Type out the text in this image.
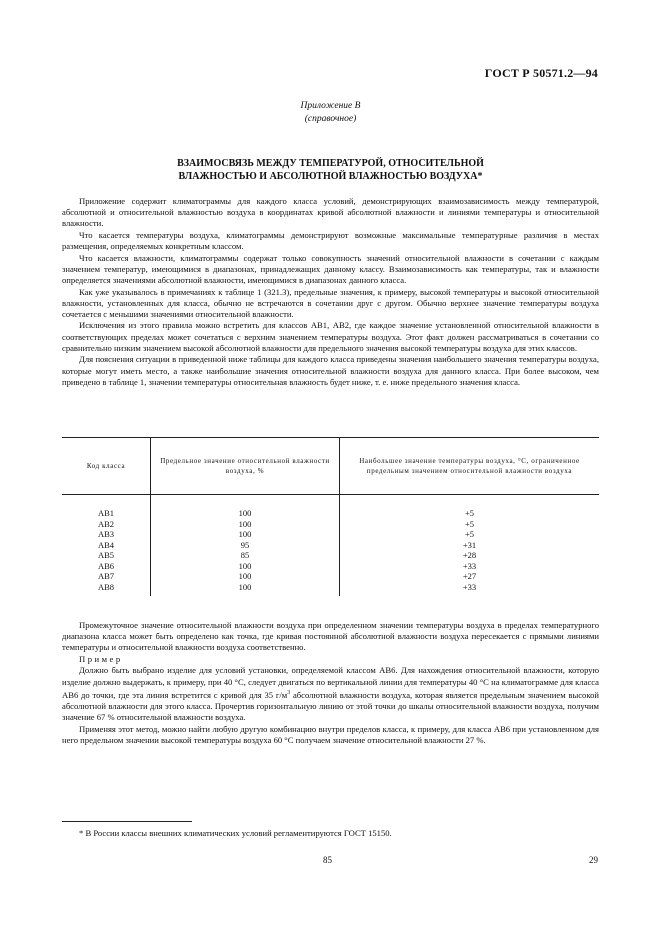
ГОСТ Р 50571.2—94
Приложение В
(справочное)
ВЗАИМОСВЯЗЬ МЕЖДУ ТЕМПЕРАТУРОЙ, ОТНОСИТЕЛЬНОЙ
ВЛАЖНОСТЬЮ И АБСОЛЮТНОЙ ВЛАЖНОСТЬЮ ВОЗДУХА*

Приложение содержит климатограммы для каждого класса условий, демонстрирующих взаимозависимость между температурой, абсолютной и относительной влажностью воздуха в координатах кривой абсолютной влажности и линиями температуры и относительной влажности.

Что касается температуры воздуха, климатограммы демонстрируют возможные максимальные температурные различия в местах размещения, определяемых конкретным классом.

Что касается влажности, климатограммы содержат только совокупность значений относительной влажности в сочетании с каждым значением температур, имеющимися в диапазонах, принадлежащих данному классу. Взаимозависимость как температуры, так и влажности определяется значениями абсолютной влажности, имеющимися в диапазонах данного класса.

Как уже указывалось в примечаниях к таблице 1 (321.3), предельные значения, к примеру, высокой температуры и высокой относительной влажности, установленных для класса, обычно не встречаются в сочетании друг с другом. Обычно верхнее значение температуры воздуха сочетается с меньшими значениями относительной влажности.

Исключения из этого правила можно встретить для классов АВ1, АВ2, где каждое значение установленной относительной влажности в соответствующих пределах может сочетаться с верхним значением температуры воздуха. Этот факт должен рассматриваться в сочетании со сравнительно низким значением высокой абсолютной влажности для предельного значения высокой температуры воздуха для этих классов.

Для пояснения ситуации в приведенной ниже таблицы для каждого класса приведены значения наибольшего значения температуры воздуха, которые могут иметь место, а также наибольшие значения относительной влажности воздуха для данного класса. При более высоком, чем приведено в таблице 1, значении температуры относительная влажность будет ниже, т. е. ниже предельного значения класса.

Код класса	Предельное значение относительной влажности воздуха, %	Наибольшее значение температуры воздуха, °С, ограниченное предельным значением относительной влажности воздуха
АВ1	100	+5
АВ2	100	+5
АВ3	100	+5
АВ4	95	+31
АВ5	85	+28
АВ6	100	+33
АВ7	100	+27
АВ8	100	+33

Промежуточное значение относительной влажности воздуха при определенном значении температуры воздуха в пределах температурного диапазона класса может быть определено как точка, где кривая постоянной абсолютной влажности воздуха пересекается с прямыми линиями температуры и относительной влажности воздуха соответственно.

Пример

Должно быть выбрано изделие для условий установки, определяемой классом АВ6. Для нахождения относительной влажности, которую изделие должно выдержать, к примеру, при 40 °С, следует двигаться по вертикальной линии для температуры 40 °С на климатограмме для класса АВ6 до точки, где эта линия встретится с кривой для 35 $г/м^3$ абсолютной влажности воздуха, которая является предельным значением высокой абсолютной влажности для этого класса. Прочертив горизонтальную линию от этой точки до шкалы относительной влажности воздуха, получим значение 67 % относительной влажности воздуха.

Применяя этот метод, можно найти любую другую комбинацию внутри пределов класса, к примеру, для класса АВ6 при установленном для него предельном значении высокой температуры воздуха 60 °С получаем значение относительной влажности 27 %.

* В России классы внешних климатических условий регламентируются ГОСТ 15150.
85	29
